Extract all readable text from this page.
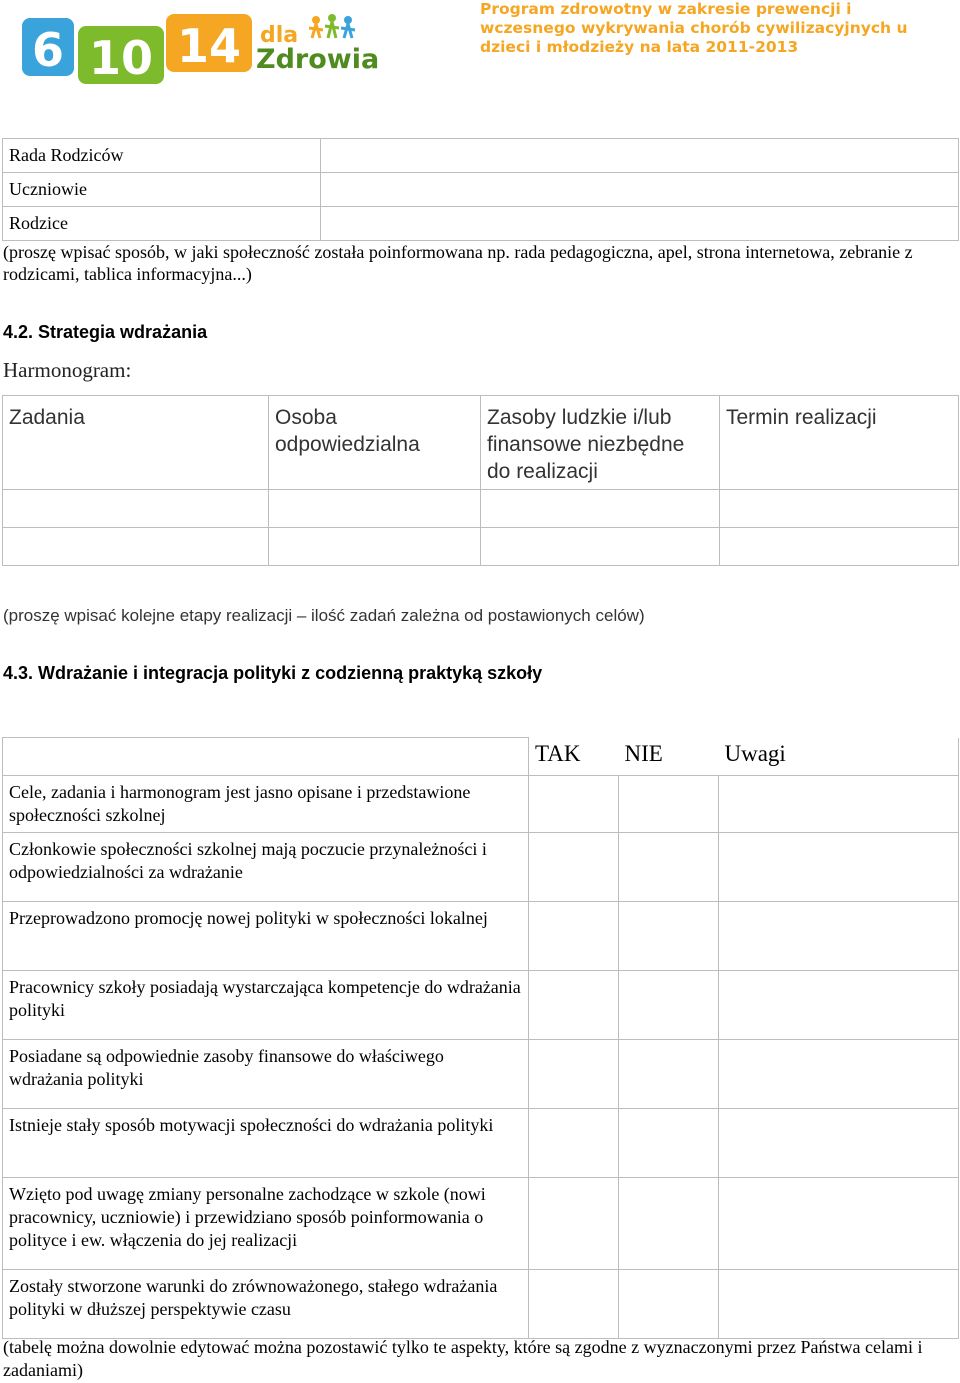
6 10 14 dla
Zdrowia
Program zdrowotny w zakresie prewencji i wczesnego wykrywania chorób cywilizacyjnych u dzieci i młodzieży na lata 2011-2013
Rada Rodziców	
Uczniowie	
Rodzice	
(proszę wpisać sposób, w jaki społeczność została poinformowana np. rada pedagogiczna, apel, strona internetowa, zebranie z rodzicami, tablica informacyjna...)
4.2. Strategia wdrażania
Harmonogram:
Zadania	Osoba odpowiedzialna	Zasoby ludzkie i/lub finansowe niezbędne do realizacji	Termin realizacji

(proszę wpisać kolejne etapy realizacji – ilość zadań zależna od postawionych celów)
4.3. Wdrażanie i integracja polityki z codzienną praktyką szkoły
	TAK	NIE	Uwagi
Cele, zadania i harmonogram jest jasno opisane i przedstawione społeczności szkolnej			
Członkowie społeczności szkolnej mają poczucie przynależności i odpowiedzialności za wdrażanie			
Przeprowadzono promocję nowej polityki w społeczności lokalnej			
Pracownicy szkoły posiadają wystarczająca kompetencje do wdrażania polityki			
Posiadane są odpowiednie zasoby finansowe do właściwego wdrażania polityki			
Istnieje stały sposób motywacji społeczności do wdrażania polityki			
Wzięto pod uwagę zmiany personalne zachodzące w szkole (nowi pracownicy, uczniowie) i przewidziano sposób poinformowania o polityce i ew. włączenia do jej realizacji			
Zostały stworzone warunki do zrównoważonego, stałego wdrażania polityki w dłuższej perspektywie czasu			
(tabelę można dowolnie edytować można pozostawić tylko te aspekty, które są zgodne z wyznaczonymi przez Państwa celami i zadaniami)
